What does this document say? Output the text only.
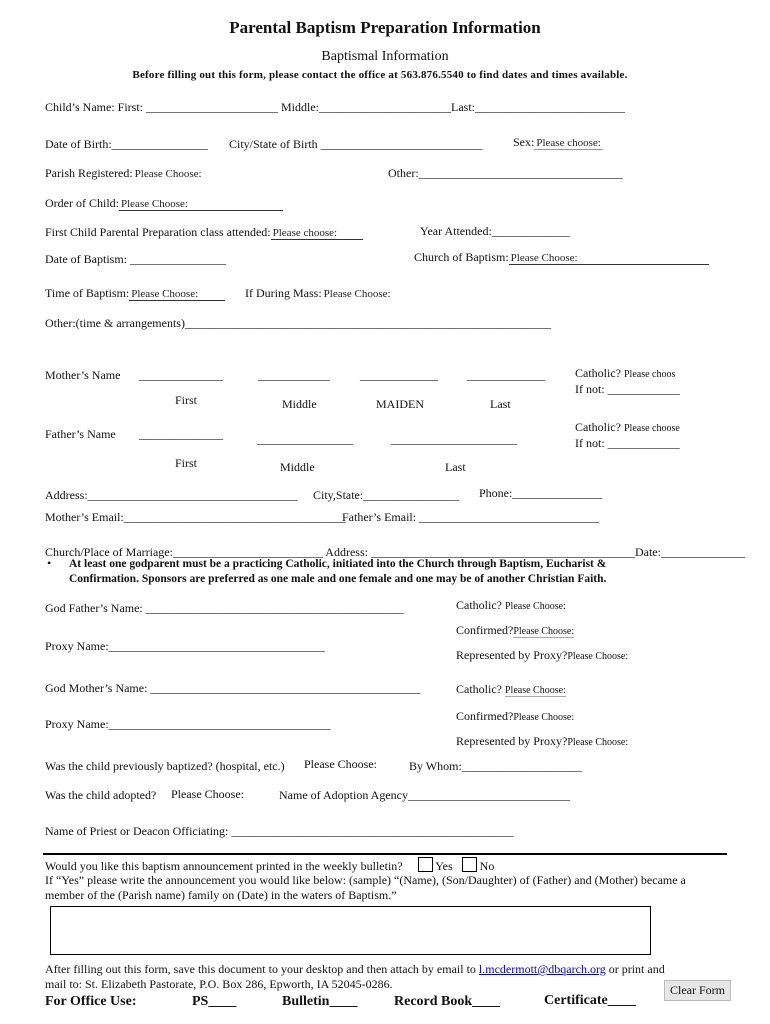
Parental Baptism Preparation Information
Baptismal Information
Before filling out this form, please contact the office at 563.876.5540 to find dates and times available.
Child’s Name: First: ______________________ Middle:______________________Last:_________________________
Date of Birth:________________ City/State of Birth ___________________________	Sex: Please choose:
Parish Registered: Please Choose:	Other:__________________________________
Order of Child: Please Choose:
First Child Parental Preparation class attended: Please choose:	Year Attended:_____________
Date of Baptism: ________________	Church of Baptism: Please Choose:
Time of Baptism: Please Choose:	If During Mass: Please Choose:
Other:(time & arrangements)_____________________________________________________________
Mother’s Name ______________	____________	_____________ _____________	Catholic? Please choos
If not: ____________
First	Middle	MAIDEN	Last
Father’s Name ______________	________________	_____________________
Catholic? Please choose
If not: ____________
First	Middle	Last
Address:___________________________________ City,State:________________ Phone:_______________
Mother’s Email:_____________________________________
Father’s Email: ______________________________
Church/Place of Marriage:_________________________ Address: ____________________________________________Date:______________
• At least one godparent must be a practicing Catholic, initiated into the Church through Baptism, Eucharist &
Confirmation. Sponsors are preferred as one male and one female and one may be of another Christian Faith.
God Father’s Name: ___________________________________________	Catholic? Please Choose:
Confirmed?Please Choose:
Proxy Name:____________________________________
Represented by Proxy?Please Choose:
God Mother’s Name: _____________________________________________	Catholic? Please Choose:
Confirmed?Please Choose:
Proxy Name:_____________________________________
Represented by Proxy?Please Choose:
Was the child previously baptized? (hospital, etc.) Please Choose:	By Whom:____________________
Was the child adopted? Please Choose:	Name of Adoption Agency___________________________
Name of Priest or Deacon Officiating: _______________________________________________
Would you like this baptism announcement printed in the weekly bulletin?	Yes No
If “Yes” please write the announcement you would like below: (sample) “(Name), (Son/Daughter) of (Father) and (Mother) became a
member of the (Parish name) family on (Date) in the waters of Baptism.”
After filling out this form, save this document to your desktop and then attach by email to l.mcdermott@dbqarch.org or print and
mail to: St. Elizabeth Pastorate, P.O. Box 286, Epworth, IA 52045-0286.	Clear Form
For Office Use:	PS____	Bulletin____	Record Book____	Certificate____
